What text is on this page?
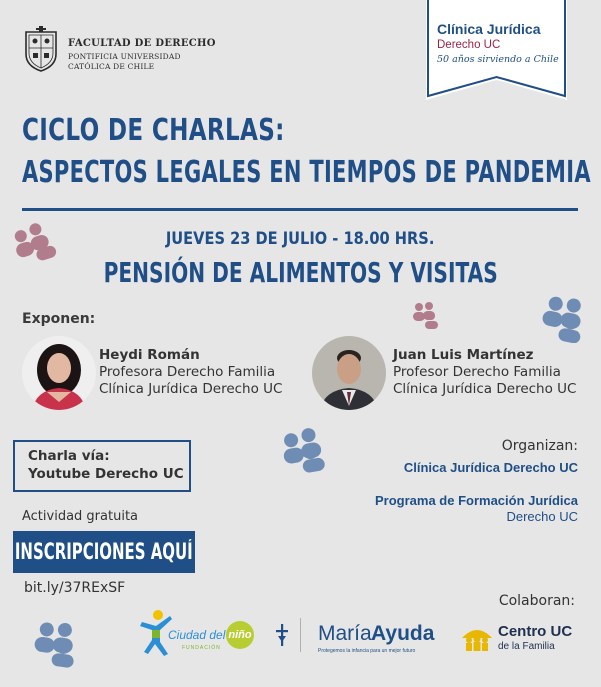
FACULTAD DE DERECHO
PONTIFICIA UNIVERSIDAD
CATÓLICA DE CHILE
Clínica Jurídica
Derecho UC
50 años sirviendo a Chile
CICLO DE CHARLAS:
ASPECTOS LEGALES EN TIEMPOS DE PANDEMIA
JUEVES 23 DE JULIO - 18.00 HRS.
PENSIÓN DE ALIMENTOS Y VISITAS
Exponen:
Heydi Román
Profesora Derecho Familia
Clínica Jurídica Derecho UC
Juan Luis Martínez
Profesor Derecho Familia
Clínica Jurídica Derecho UC
Charla vía:
Youtube Derecho UC
Organizan:
Clínica Jurídica Derecho UC
Programa de Formación Jurídica
Derecho UC
Actividad gratuita
INSCRIPCIONES AQUÍ
bit.ly/37RExSF
Colaboran:
Ciudad del niño
FUNDACIÓN
María Ayuda
Protegemos la infancia para un mejor futuro
Centro UC
de la Familia
